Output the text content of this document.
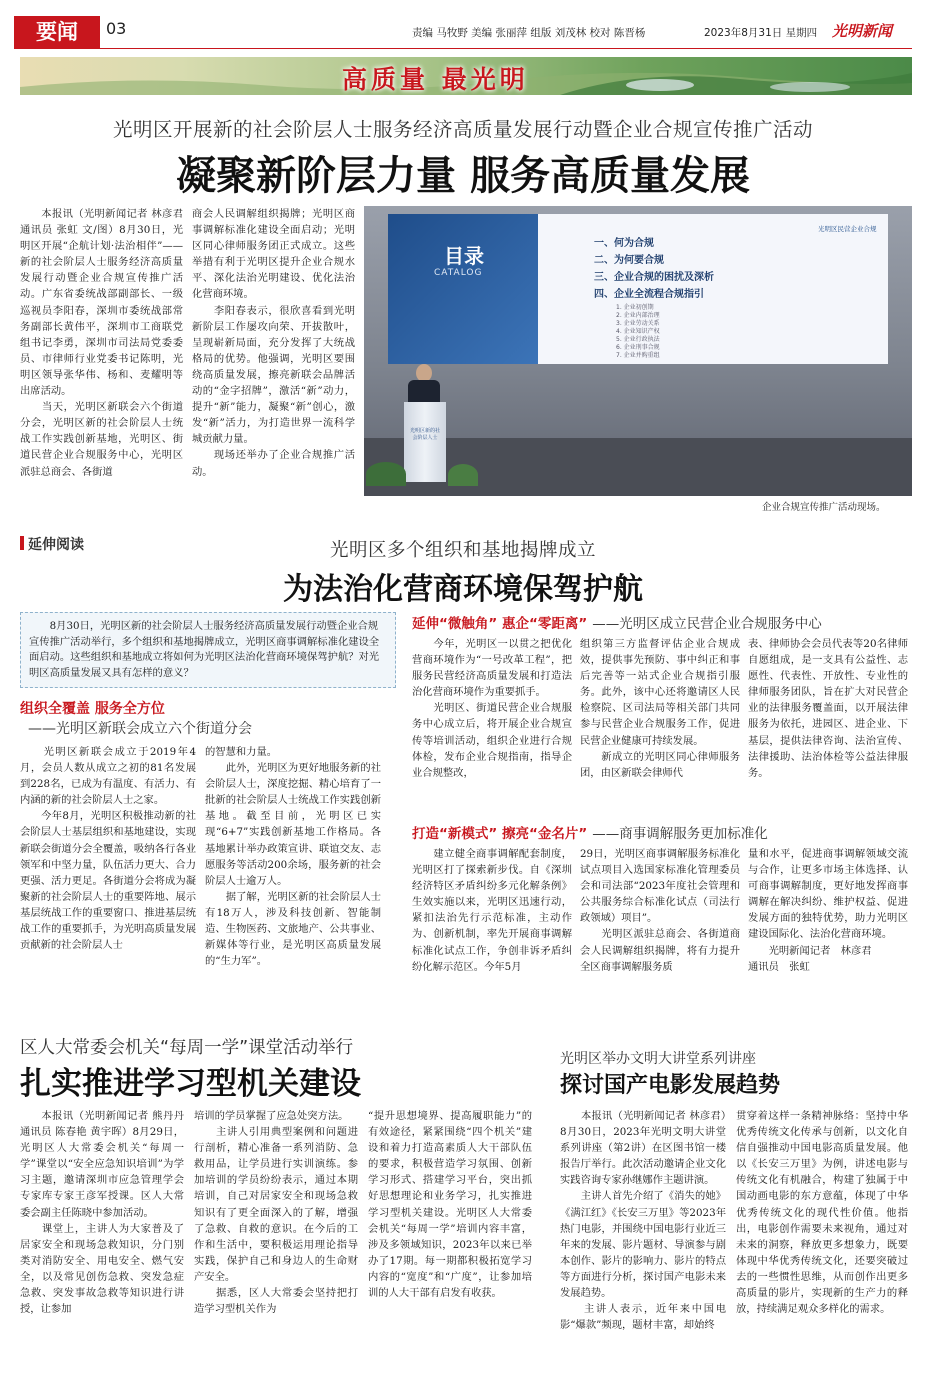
要闻	03	责编 马牧野 美编 张丽萍 组版 刘茂林 校对 陈晋杨	2023年8月31日 星期四 光明新闻
高质量 最光明
光明区开展新的社会阶层人士服务经济高质量发展行动暨企业合规宣传推广活动
凝聚新阶层力量 服务高质量发展
　　本报讯（光明新闻记者 林彦君 通讯员 张虹 文/图）8月30日，光明区开展“企航计划·法治相伴”——新的社会阶层人士服务经济高质量发展行动暨企业合规宣传推广活动。广东省委统战部副部长、一级巡视员李阳春，深圳市委统战部常务副部长黄伟平，深圳市工商联党组书记李勇，深圳市司法局党委委员、市律师行业党委书记陈明，光明区领导张华伟、杨和、麦耀明等出席活动。
　　当天，光明区新联会六个街道分会，光明区新的社会阶层人士统战工作实践创新基地，光明区、街道民营企业合规服务中心，光明区派驻总商会、各街道
商会人民调解组织揭牌；光明区商事调解标准化建设全面启动；光明区同心律师服务团正式成立。这些举措有利于光明区提升企业合规水平、深化法治光明建设、优化法治化营商环境。
　　李阳春表示，很欣喜看到光明新阶层工作屡攻向荣、开拔散叶，呈现崭新局面，充分发挥了大统战格局的优势。他强调，光明区要围绕高质量发展，擦亮新联会品牌活动的“金字招牌”，激活“新”动力，提升“新”能力，凝聚“新”创心，激发“新”活力，为打造世界一流科学城贡献力量。
　　现场还举办了企业合规推广活动。
目录
CATALOG
光明区民营企业合规
一、何为合规
二、为何要合规
三、企业合规的困扰及深析
四、企业全流程合规指引
1. 企业初创期
2. 企业内部治理
3. 企业劳动关系
4. 企业知识产权
5. 企业行政执法
6. 企业刑事合规
7. 企业并购重组
光明区新的社会阶层人士
企业合规宣传推广活动现场。
延伸阅读	光明区多个组织和基地揭牌成立
为法治化营商环境保驾护航
　　8月30日，光明区新的社会阶层人士服务经济高质量发展行动暨企业合规宣传推广活动举行，多个组织和基地揭牌成立，光明区商事调解标准化建设全面启动。这些组织和基地成立将如何为光明区法治化营商环境保驾护航？对光明区高质量发展又具有怎样的意义？
组织全覆盖 服务全方位
——光明区新联会成立六个街道分会
　　光明区新联会成立于2019年4月，会员人数从成立之初的81名发展到228名，已成为有温度、有活力、有内涵的新的社会阶层人士之家。
　　今年8月，光明区积极推动新的社会阶层人士基层组织和基地建设，实现新联会街道分会全覆盖，吸纳各行各业领军和中坚力量，队伍活力更大、合力更强、活力更足。各街道分会将成为凝聚新的社会阶层人士的重要阵地、展示基层统战工作的重要窗口、推进基层统战工作的重要抓手，为光明高质量发展贡献新的社会阶层人士
的智慧和力量。
　　此外，光明区为更好地服务新的社会阶层人士，深度挖掘、精心培育了一批新的社会阶层人士统战工作实践创新基地。截至目前，光明区已实现“6+7”实践创新基地工作格局。各基地累计举办政策宣讲、联谊交友、志愿服务等活动200余场，服务新的社会阶层人士逾万人。
　　据了解，光明区新的社会阶层人士有18万人，涉及科技创新、智能制造、生物医药、文旅地产、公共事业、新媒体等行业，是光明区高质量发展的“生力军”。
延伸“微触角” 惠企“零距离” ——光明区成立民营企业合规服务中心
　　今年，光明区一以贯之把优化营商环境作为“一号改革工程”，把服务民营经济高质量发展和打造法治化营商环境作为重要抓手。
　　光明区、街道民营企业合规服务中心成立后，将开展企业合规宣传等培训活动，组织企业进行合规体检，发布企业合规指南，指导企业合规整改，
组织第三方监督评估企业合规成效，提供事先预防、事中纠正和事后完善等一站式企业合规指引服务。此外，该中心还将邀请区人民检察院、区司法局等相关部门共同参与民营企业合规服务工作，促进民营企业健康可持续发展。
　　新成立的光明区同心律师服务团，由区新联会律师代
表、律师协会会员代表等20名律师自愿组成，是一支具有公益性、志愿性、代表性、开放性、专业性的律师服务团队，旨在扩大对民营企业的法律服务覆盖面，以开展法律服务为依托，进园区、进企业、下基层，提供法律咨询、法治宣传、法律援助、法治体检等公益法律服务。
打造“新模式” 擦亮“金名片” ——商事调解服务更加标准化
　　建立健全商事调解配套制度，光明区打了探索新步伐。自《深圳经济特区矛盾纠纷多元化解条例》生效实施以来，光明区迅速行动，紧扣法治先行示范标准，主动作为、创新机制，率先开展商事调解标准化试点工作，争创非诉矛盾纠纷化解示范区。今年5月
29日，光明区商事调解服务标准化试点项目入选国家标准化管理委员会和司法部“2023年度社会管理和公共服务综合标准化试点（司法行政领域）项目”。
　　光明区派驻总商会、各街道商会人民调解组织揭牌，将有力提升全区商事调解服务质
量和水平，促进商事调解领域交流与合作，让更多市场主体选择、认可商事调解制度，更好地发挥商事调解在解决纠纷、维护权益、促进发展方面的独特优势，助力光明区建设国际化、法治化营商环境。
　　光明新闻记者　林彦君
通讯员　张虹
区人大常委会机关“每周一学”课堂活动举行
扎实推进学习型机关建设
　　本报讯（光明新闻记者 熊丹丹 通讯员 陈春艳 黄宇晖）8月29日，光明区人大常委会机关“每周一学”课堂以“安全应急知识培训”为学习主题，邀请深圳市应急管理学会专家库专家王彦军授课。区人大常委会副主任陈晓中参加活动。
　　课堂上，主讲人为大家普及了居家安全和现场急救知识，分门别类对消防安全、用电安全、燃气安全，以及常见创伤急救、突发急症急救、突发事故急救等知识进行讲授，让参加
培训的学员掌握了应急处突方法。
　　主讲人引用典型案例和问题进行剖析，精心准备一系列消防、急救用品，让学员进行实训演练。参加培训的学员纷纷表示，通过本期培训，自己对居家安全和现场急救知识有了更全面深入的了解，增强了急救、自救的意识。在今后的工作和生活中，要积极运用理论指导实践，保护自己和身边人的生命财产安全。
　　据悉，区人大常委会坚持把打造学习型机关作为
“提升思想境界、提高履职能力”的有效途径，紧紧围绕“四个机关”建设和着力打造高素质人大干部队伍的要求，积极营造学习氛围、创新学习形式、搭建学习平台，突出抓好思想理论和业务学习，扎实推进学习型机关建设。光明区人大常委会机关“每周一学”培训内容丰富，涉及多领域知识，2023年以来已举办了17期。每一期都积极拓宽学习内容的“宽度”和“广度”，让参加培训的人大干部有启发有收获。
光明区举办文明大讲堂系列讲座
探讨国产电影发展趋势
　　本报讯（光明新闻记者 林彦君）8月30日，2023年光明文明大讲堂系列讲座（第2讲）在区图书馆一楼报告厅举行。此次活动邀请企业文化实践咨询专家孙继娜作主题讲演。
　　主讲人首先介绍了《消失的她》《满江红》《长安三万里》等2023年热门电影，并围绕中国电影行业近三年来的发展、影片题材、导演参与剧本创作、影片的影响力、影片的特点等方面进行分析，探讨国产电影未来发展趋势。
　　主讲人表示，近年来中国电影“爆款”频现，题材丰富，却始终
贯穿着这样一条精神脉络：坚持中华优秀传统文化传承与创新，以文化自信自强推动中国电影高质量发展。他以《长安三万里》为例，讲述电影与传统文化有机融合，构建了独属于中国动画电影的东方意蕴，体现了中华优秀传统文化的现代性价值。他指出，电影创作需要未来视角，通过对未来的洞察，释放更多想象力，既要体现中华优秀传统文化，还要突破过去的一些惯性思维，从而创作出更多高质量的影片，实现新的生产力的释放，持续满足观众多样化的需求。
